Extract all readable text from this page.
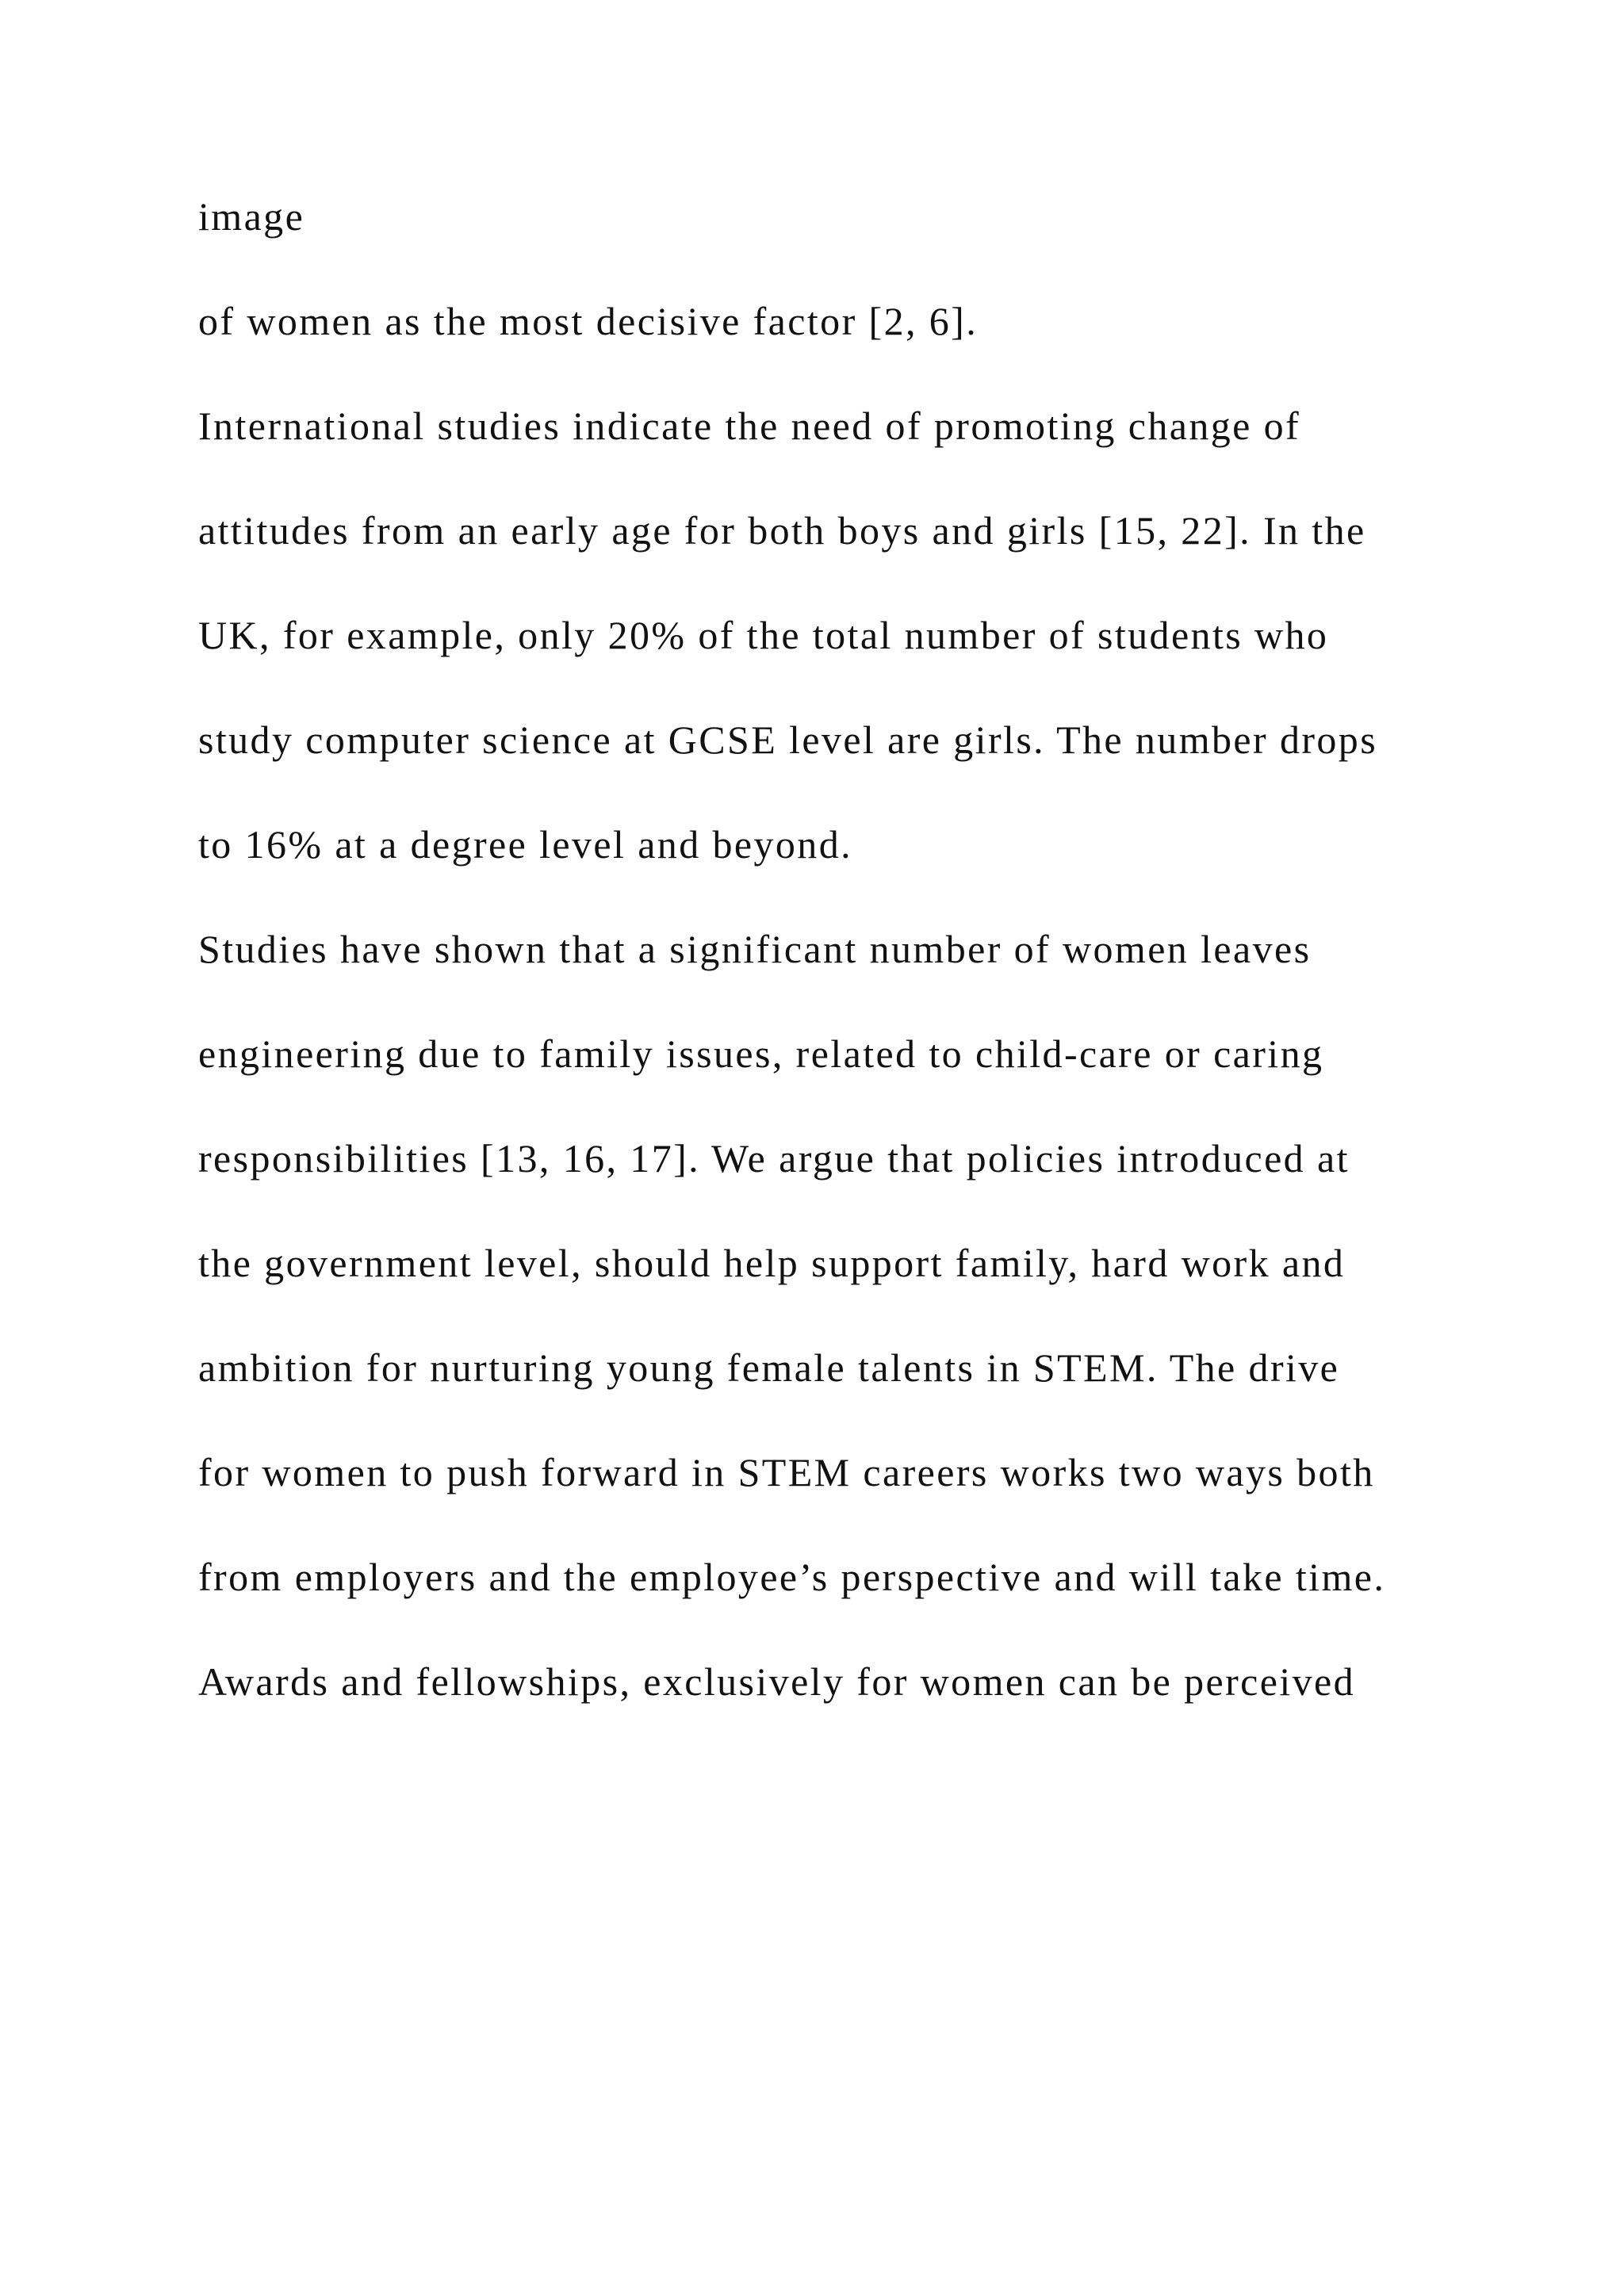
image

of women as the most decisive factor [2, 6].

International studies indicate the need of promoting change of

attitudes from an early age for both boys and girls [15, 22]. In the

UK, for example, only 20% of the total number of students who

study computer science at GCSE level are girls. The number drops

to 16% at a degree level and beyond.

Studies have shown that a significant number of women leaves

engineering due to family issues, related to child-care or caring

responsibilities [13, 16, 17]. We argue that policies introduced at

the government level, should help support family, hard work and

ambition for nurturing young female talents in STEM. The drive

for women to push forward in STEM careers works two ways both

from employers and the employee’s perspective and will take time.

Awards and fellowships, exclusively for women can be perceived
